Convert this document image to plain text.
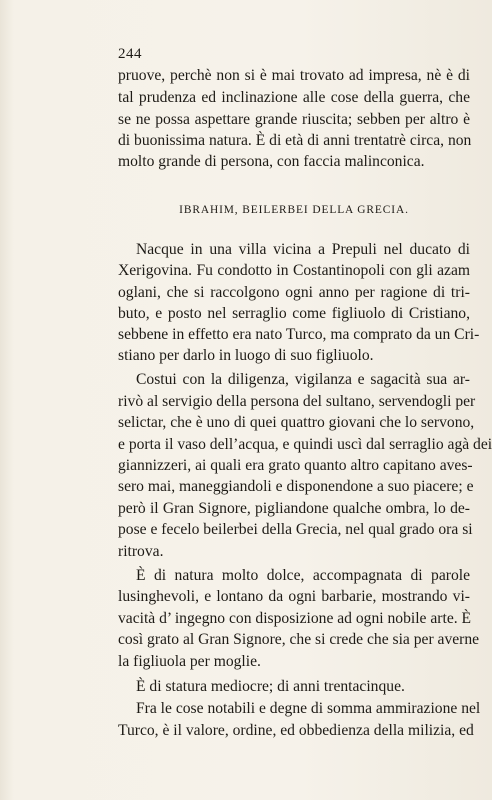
244
pruove, perchè non si è mai trovato ad impresa, nè è di
tal prudenza ed inclinazione alle cose della guerra, che
se ne possa aspettare grande riuscita; sebben per altro è
di buonissima natura. È di età di anni trentatrè circa, non
molto grande di persona, con faccia malinconica.
IBRAHIM, BEILERBEI DELLA GRECIA.
Nacque in una villa vicina a Prepuli nel ducato di
Xerigovina. Fu condotto in Costantinopoli con gli azam
oglani, che si raccolgono ogni anno per ragione di tri-
buto, e posto nel serraglio come figliuolo di Cristiano,
sebbene in effetto era nato Turco, ma comprato da un Cri-
stiano per darlo in luogo di suo figliuolo.
Costui con la diligenza, vigilanza e sagacità sua ar-
rivò al servigio della persona del sultano, servendogli per
selictar, che è uno di quei quattro giovani che lo servono,
e porta il vaso dell’acqua, e quindi uscì dal serraglio agà dei
giannizzeri, ai quali era grato quanto altro capitano aves-
sero mai, maneggiandoli e disponendone a suo piacere; e
però il Gran Signore, pigliandone qualche ombra, lo de-
pose e fecelo beilerbei della Grecia, nel qual grado ora si
ritrova.
È di natura molto dolce, accompagnata di parole
lusinghevoli, e lontano da ogni barbarie, mostrando vi-
vacità d’ ingegno con disposizione ad ogni nobile arte. È
così grato al Gran Signore, che si crede che sia per averne
la figliuola per moglie.
È di statura mediocre; di anni trentacinque.
Fra le cose notabili e degne di somma ammirazione nel
Turco, è il valore, ordine, ed obbedienza della milizia, ed
